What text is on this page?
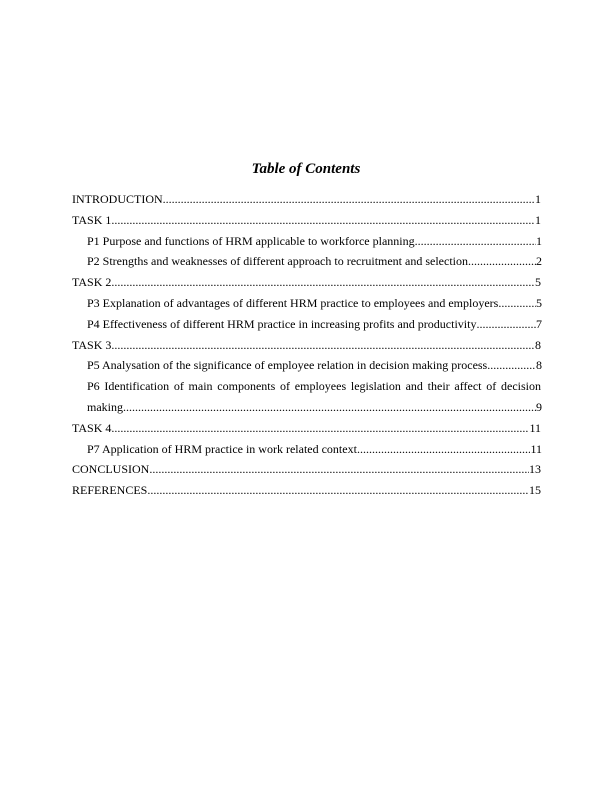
Table of Contents
INTRODUCTION .....	1
TASK 1 .....	1
P1 Purpose and functions of HRM applicable to workforce planning .....	1
P2 Strengths and weaknesses of different approach to recruitment and selection .....	2
TASK 2 .....	5
P3 Explanation of advantages of different HRM practice to employees and employers .....	5
P4 Effectiveness of different HRM practice in increasing profits and productivity .....	7
TASK 3 .....	8
P5 Analysation of the significance of employee relation in decision making process .....	8
P6 Identification of main components of employees legislation and their affect of decision
making .....	9
TASK 4 .....	11
P7 Application of HRM practice in work related context .....	11
CONCLUSION .....	13
REFERENCES .....	15
